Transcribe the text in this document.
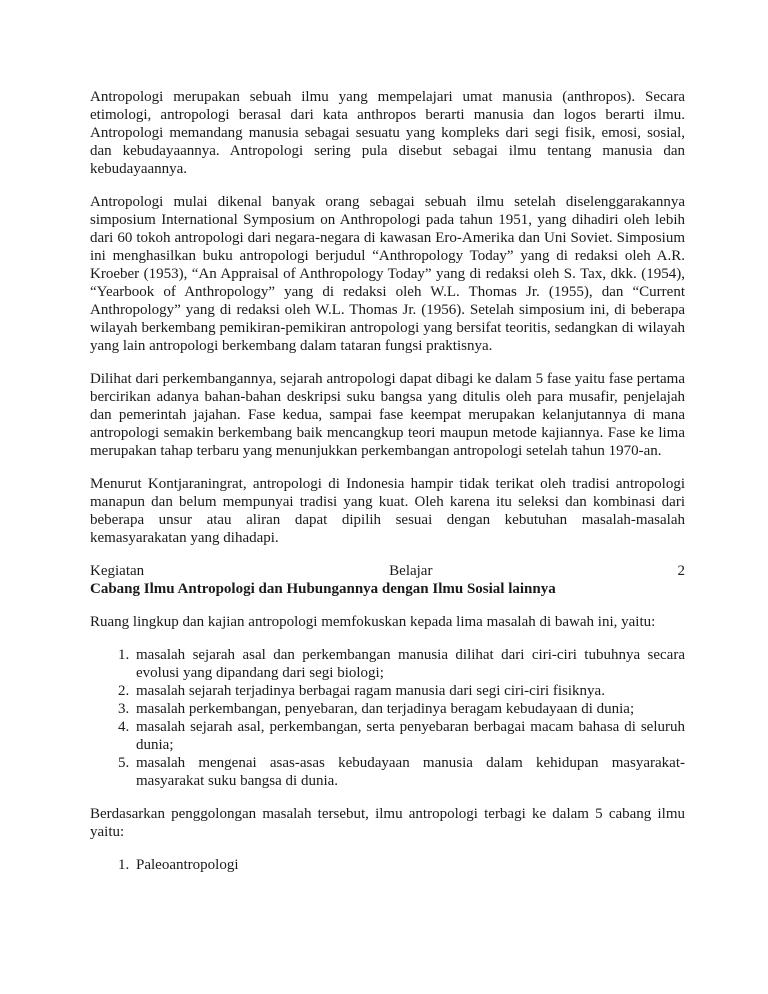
Antropologi merupakan sebuah ilmu yang mempelajari umat manusia (anthropos). Secara etimologi, antropologi berasal dari kata anthropos berarti manusia dan logos berarti ilmu. Antropologi memandang manusia sebagai sesuatu yang kompleks dari segi fisik, emosi, sosial, dan kebudayaannya. Antropologi sering pula disebut sebagai ilmu tentang manusia dan kebudayaannya.

Antropologi mulai dikenal banyak orang sebagai sebuah ilmu setelah diselenggarakannya simposium International Symposium on Anthropologi pada tahun 1951, yang dihadiri oleh lebih dari 60 tokoh antropologi dari negara-negara di kawasan Ero-Amerika dan Uni Soviet. Simposium ini menghasilkan buku antropologi berjudul “Anthropology Today” yang di redaksi oleh A.R. Kroeber (1953), “An Appraisal of Anthropology Today” yang di redaksi oleh S. Tax, dkk. (1954), “Yearbook of Anthropology” yang di redaksi oleh W.L. Thomas Jr. (1955), dan “Current Anthropology” yang di redaksi oleh W.L. Thomas Jr. (1956). Setelah simposium ini, di beberapa wilayah berkembang pemikiran-pemikiran antropologi yang bersifat teoritis, sedangkan di wilayah yang lain antropologi berkembang dalam tataran fungsi praktisnya.

Dilihat dari perkembangannya, sejarah antropologi dapat dibagi ke dalam 5 fase yaitu fase pertama bercirikan adanya bahan-bahan deskripsi suku bangsa yang ditulis oleh para musafir, penjelajah dan pemerintah jajahan. Fase kedua, sampai fase keempat merupakan kelanjutannya di mana antropologi semakin berkembang baik mencangkup teori maupun metode kajiannya. Fase ke lima merupakan tahap terbaru yang menunjukkan perkembangan antropologi setelah tahun 1970-an.

Menurut Kontjaraningrat, antropologi di Indonesia hampir tidak terikat oleh tradisi antropologi manapun dan belum mempunyai tradisi yang kuat. Oleh karena itu seleksi dan kombinasi dari beberapa unsur atau aliran dapat dipilih sesuai dengan kebutuhan masalah-masalah kemasyarakatan yang dihadapi.

Kegiatan	Belajar	2
Cabang Ilmu Antropologi dan Hubungannya dengan Ilmu Sosial lainnya

Ruang lingkup dan kajian antropologi memfokuskan kepada lima masalah di bawah ini, yaitu:

1. masalah sejarah asal dan perkembangan manusia dilihat dari ciri-ciri tubuhnya secara evolusi yang dipandang dari segi biologi;
2. masalah sejarah terjadinya berbagai ragam manusia dari segi ciri-ciri fisiknya.
3. masalah perkembangan, penyebaran, dan terjadinya beragam kebudayaan di dunia;
4. masalah sejarah asal, perkembangan, serta penyebaran berbagai macam bahasa di seluruh dunia;
5. masalah mengenai asas-asas kebudayaan manusia dalam kehidupan masyarakat-masyarakat suku bangsa di dunia.

Berdasarkan penggolongan masalah tersebut, ilmu antropologi terbagi ke dalam 5 cabang ilmu yaitu:

1. Paleoantropologi
